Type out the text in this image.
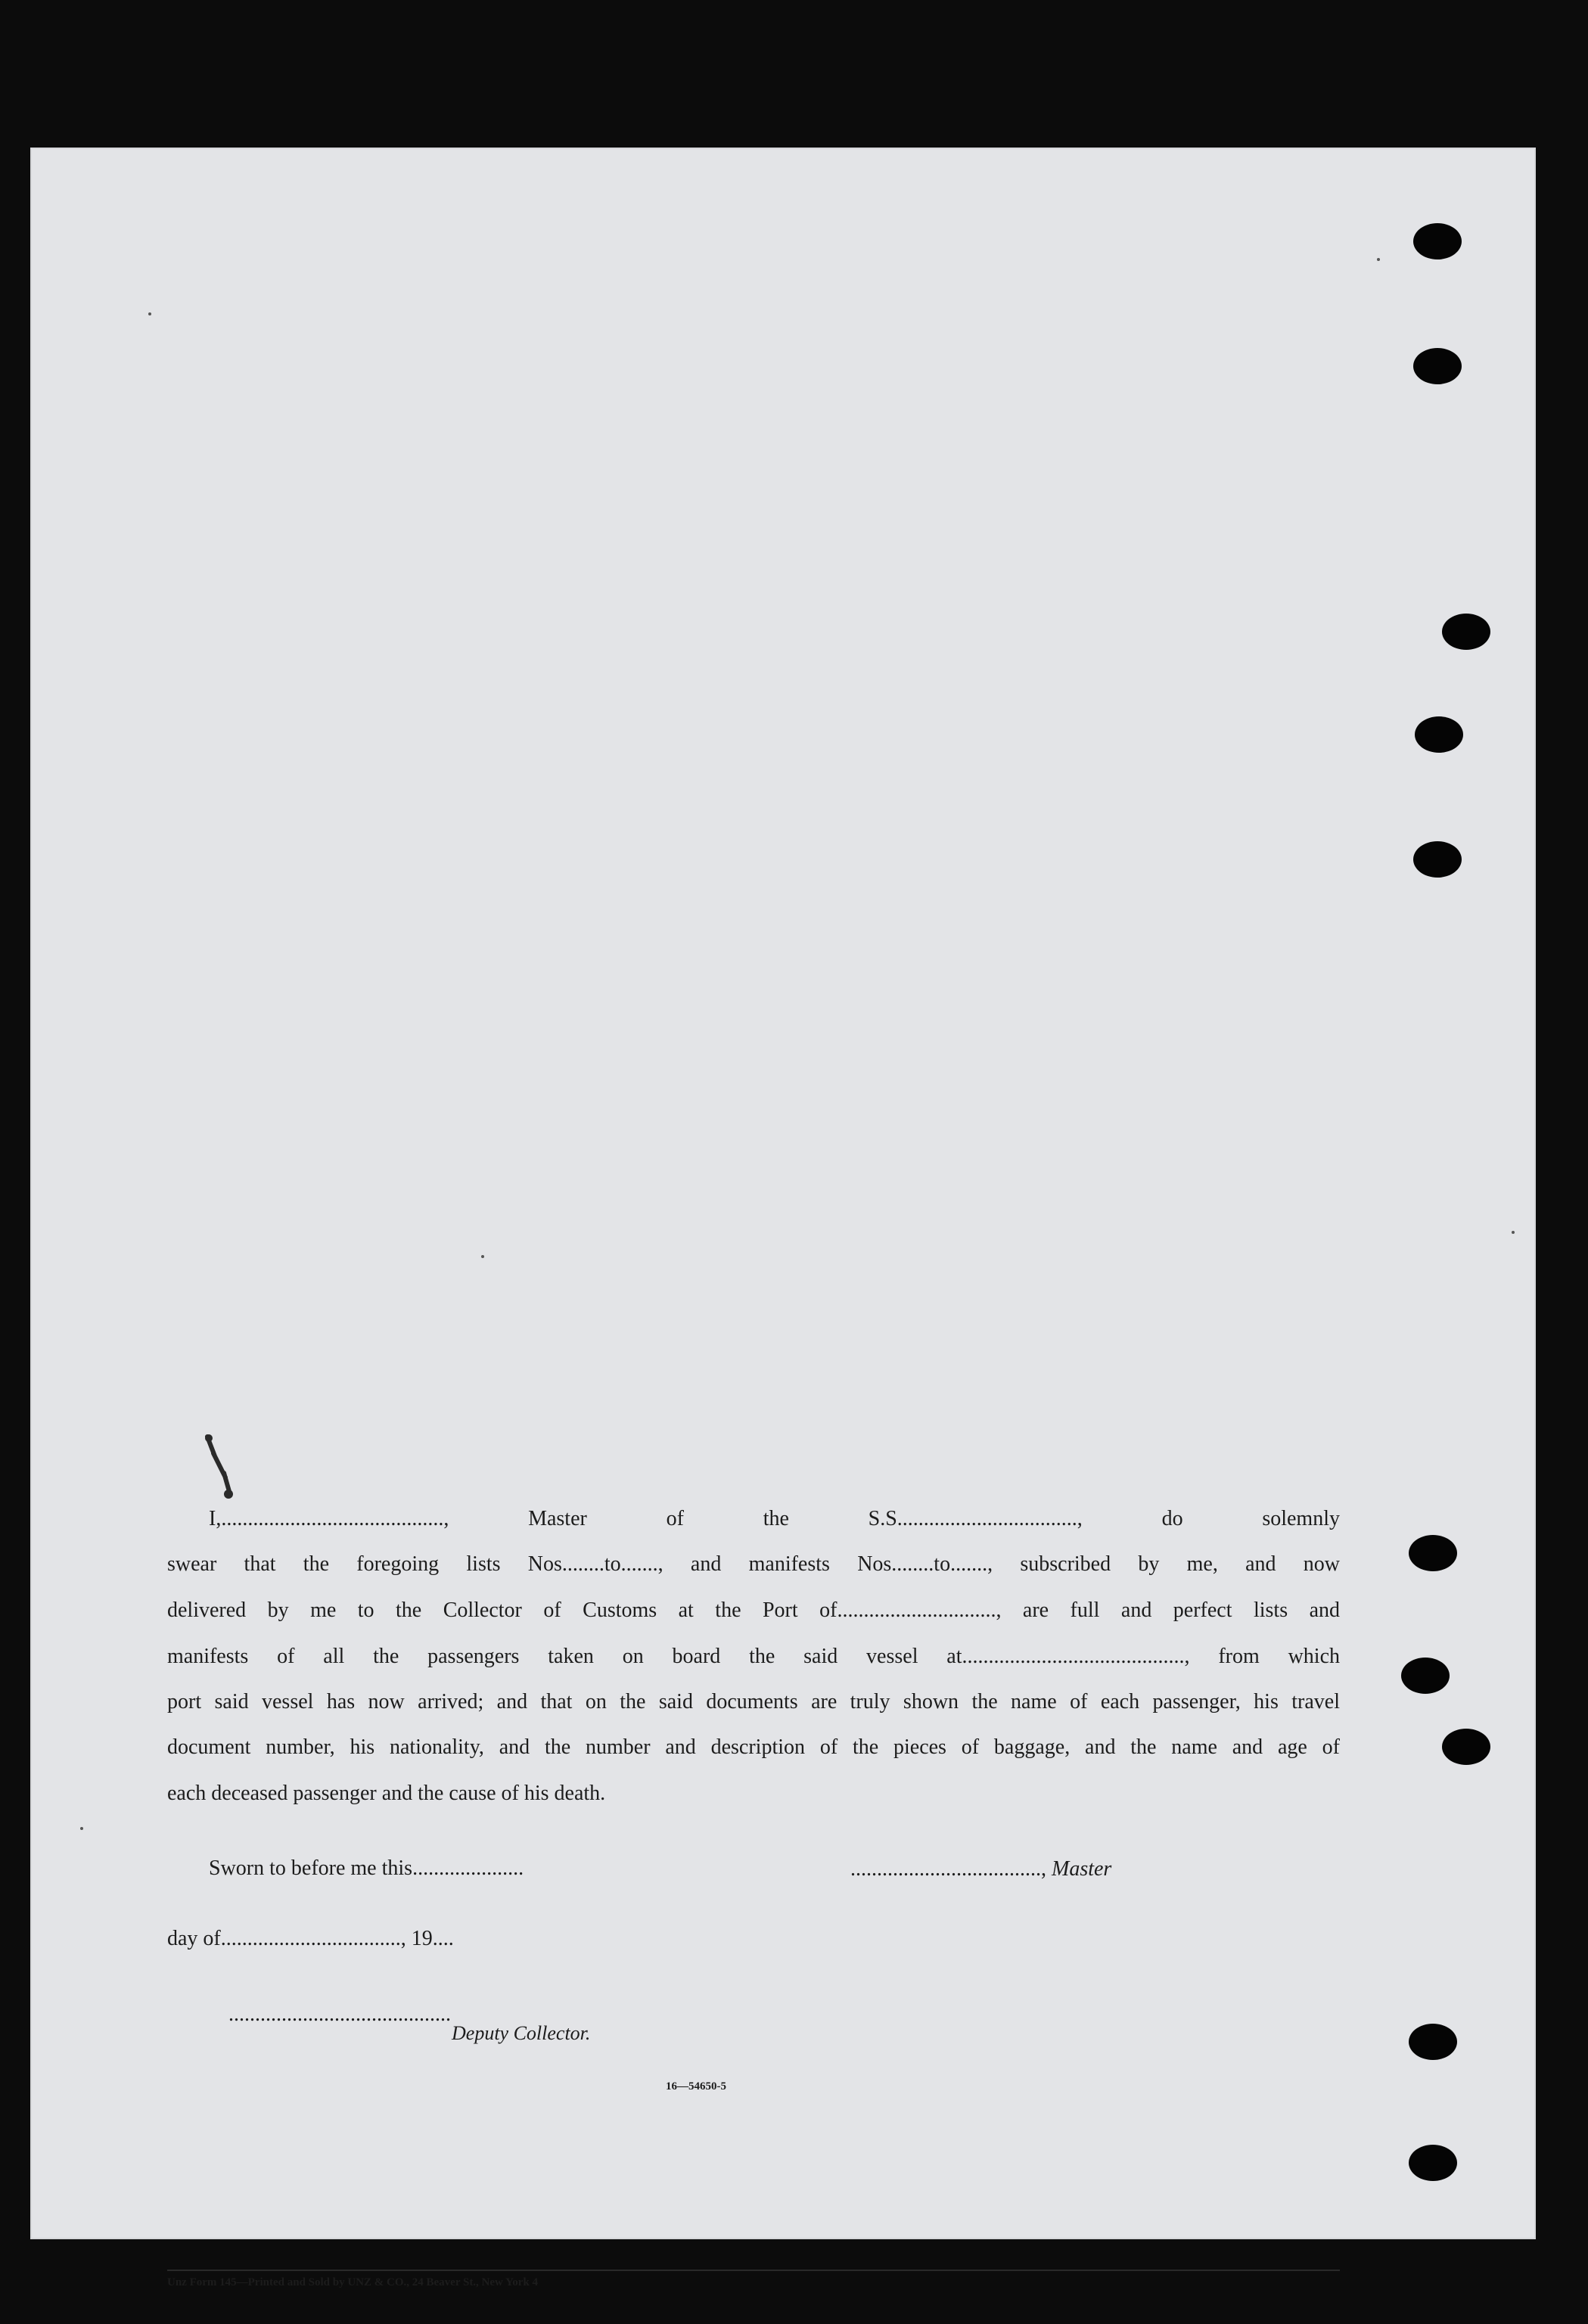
I,.........................................., Master of the S.S.................................., do solemnly
swear that the foregoing lists Nos........to......., and manifests Nos........to......., subscribed by me, and now
delivered by me to the Collector of Customs at the Port of.............................., are full and perfect lists and
manifests of all the passengers taken on board the said vessel at.........................................., from which
port said vessel has now arrived; and that on the said documents are truly shown the name of each passenger, his travel
document number, his nationality, and the number and description of the pieces of baggage, and the name and age of
each deceased passenger and the cause of his death.
Sworn to before me this.....................	...................................., Master
day of.................................., 19....
..........................................
Deputy Collector.
16—54650-5
Unz Form 145—Printed and Sold by UNZ & CO., 24 Beaver St., New York 4
